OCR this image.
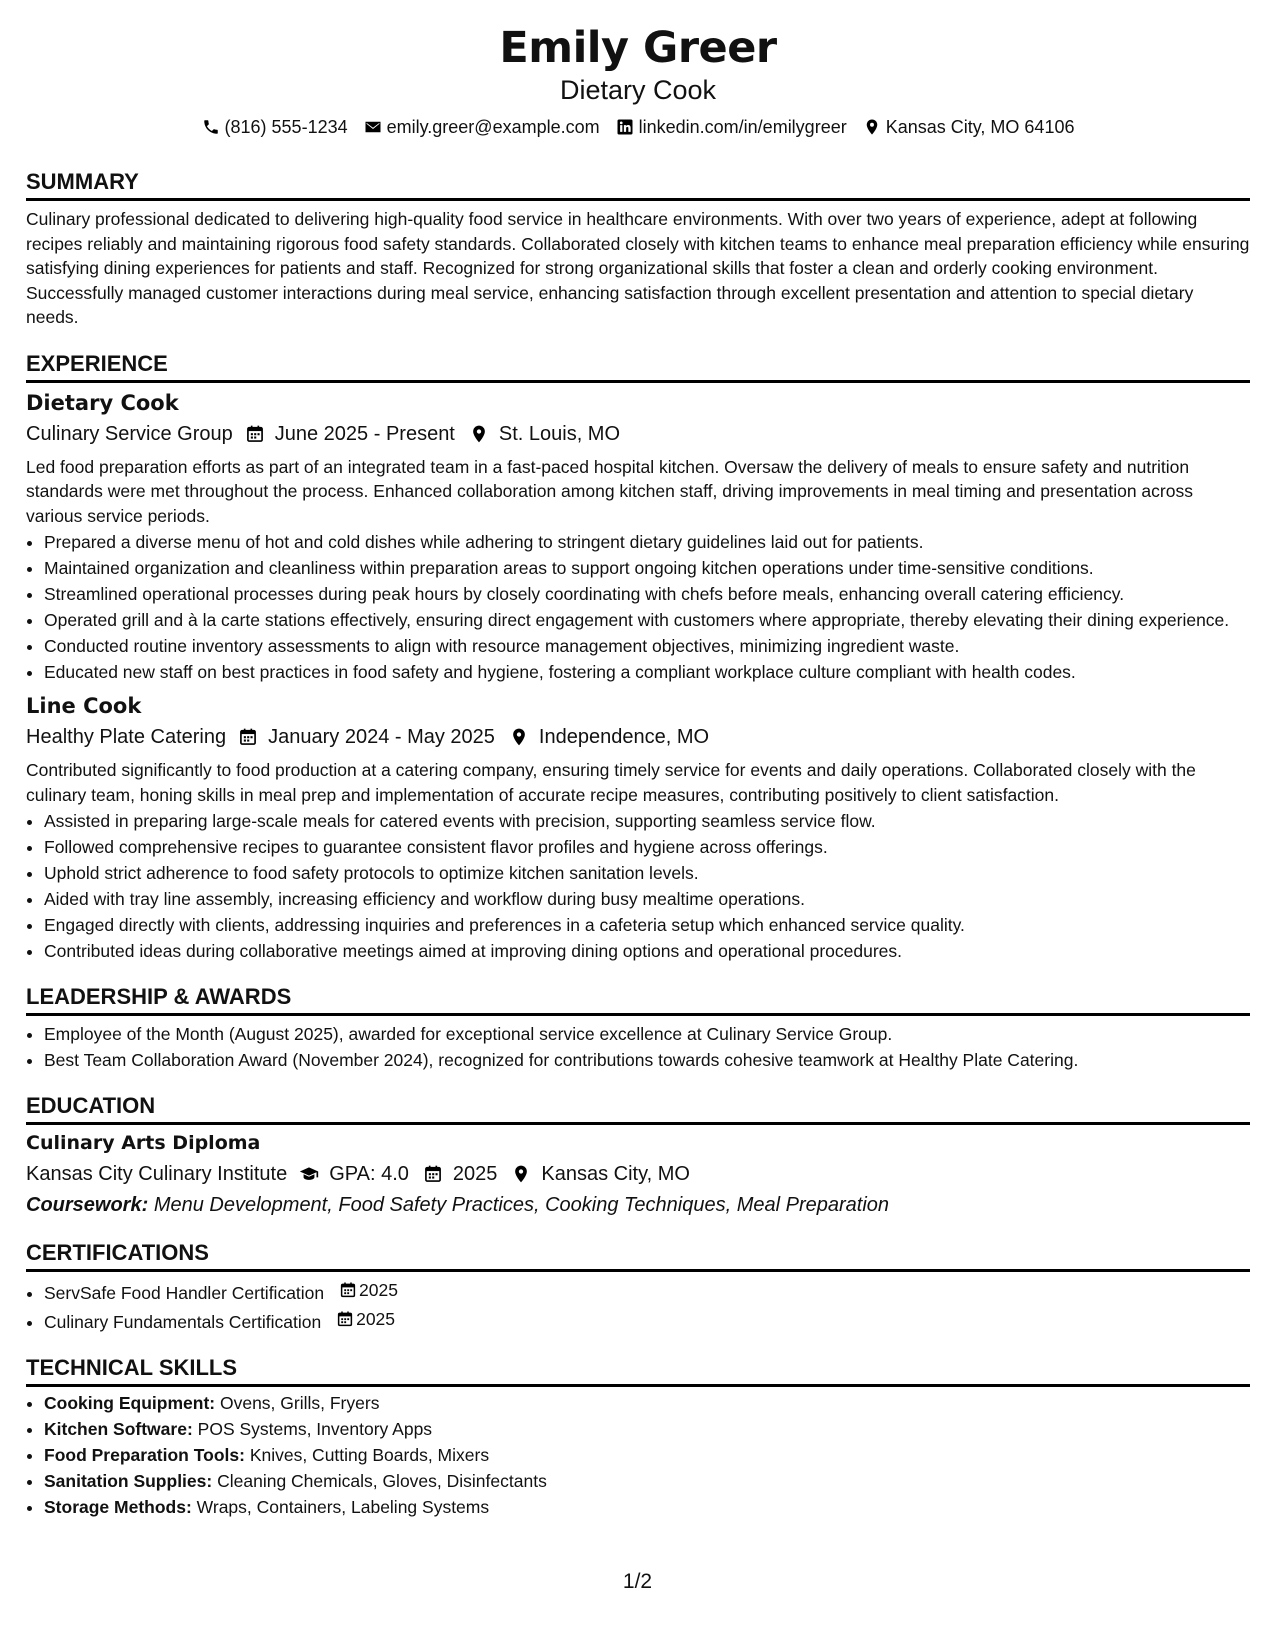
Emily Greer
Dietary Cook
(816) 555-1234 emily.greer@example.com linkedin.com/in/emilygreer Kansas City, MO 64106
SUMMARY
Culinary professional dedicated to delivering high-quality food service in healthcare environments. With over two years of experience, adept at following recipes reliably and maintaining rigorous food safety standards. Collaborated closely with kitchen teams to enhance meal preparation efficiency while ensuring satisfying dining experiences for patients and staff. Recognized for strong organizational skills that foster a clean and orderly cooking environment. Successfully managed customer interactions during meal service, enhancing satisfaction through excellent presentation and attention to special dietary needs.
EXPERIENCE
Dietary Cook
Culinary Service Group June 2025 - Present St. Louis, MO
Led food preparation efforts as part of an integrated team in a fast-paced hospital kitchen. Oversaw the delivery of meals to ensure safety and nutrition standards were met throughout the process. Enhanced collaboration among kitchen staff, driving improvements in meal timing and presentation across various service periods.
• Prepared a diverse menu of hot and cold dishes while adhering to stringent dietary guidelines laid out for patients.
• Maintained organization and cleanliness within preparation areas to support ongoing kitchen operations under time-sensitive conditions.
• Streamlined operational processes during peak hours by closely coordinating with chefs before meals, enhancing overall catering efficiency.
• Operated grill and à la carte stations effectively, ensuring direct engagement with customers where appropriate, thereby elevating their dining experience.
• Conducted routine inventory assessments to align with resource management objectives, minimizing ingredient waste.
• Educated new staff on best practices in food safety and hygiene, fostering a compliant workplace culture compliant with health codes.
Line Cook
Healthy Plate Catering January 2024 - May 2025 Independence, MO
Contributed significantly to food production at a catering company, ensuring timely service for events and daily operations. Collaborated closely with the culinary team, honing skills in meal prep and implementation of accurate recipe measures, contributing positively to client satisfaction.
• Assisted in preparing large-scale meals for catered events with precision, supporting seamless service flow.
• Followed comprehensive recipes to guarantee consistent flavor profiles and hygiene across offerings.
• Uphold strict adherence to food safety protocols to optimize kitchen sanitation levels.
• Aided with tray line assembly, increasing efficiency and workflow during busy mealtime operations.
• Engaged directly with clients, addressing inquiries and preferences in a cafeteria setup which enhanced service quality.
• Contributed ideas during collaborative meetings aimed at improving dining options and operational procedures.
LEADERSHIP & AWARDS
• Employee of the Month (August 2025), awarded for exceptional service excellence at Culinary Service Group.
• Best Team Collaboration Award (November 2024), recognized for contributions towards cohesive teamwork at Healthy Plate Catering.
EDUCATION
Culinary Arts Diploma
Kansas City Culinary Institute GPA: 4.0 2025 Kansas City, MO
Coursework: Menu Development, Food Safety Practices, Cooking Techniques, Meal Preparation
CERTIFICATIONS
• ServSafe Food Handler Certification 2025
• Culinary Fundamentals Certification 2025
TECHNICAL SKILLS
• Cooking Equipment: Ovens, Grills, Fryers
• Kitchen Software: POS Systems, Inventory Apps
• Food Preparation Tools: Knives, Cutting Boards, Mixers
• Sanitation Supplies: Cleaning Chemicals, Gloves, Disinfectants
• Storage Methods: Wraps, Containers, Labeling Systems
1/2
